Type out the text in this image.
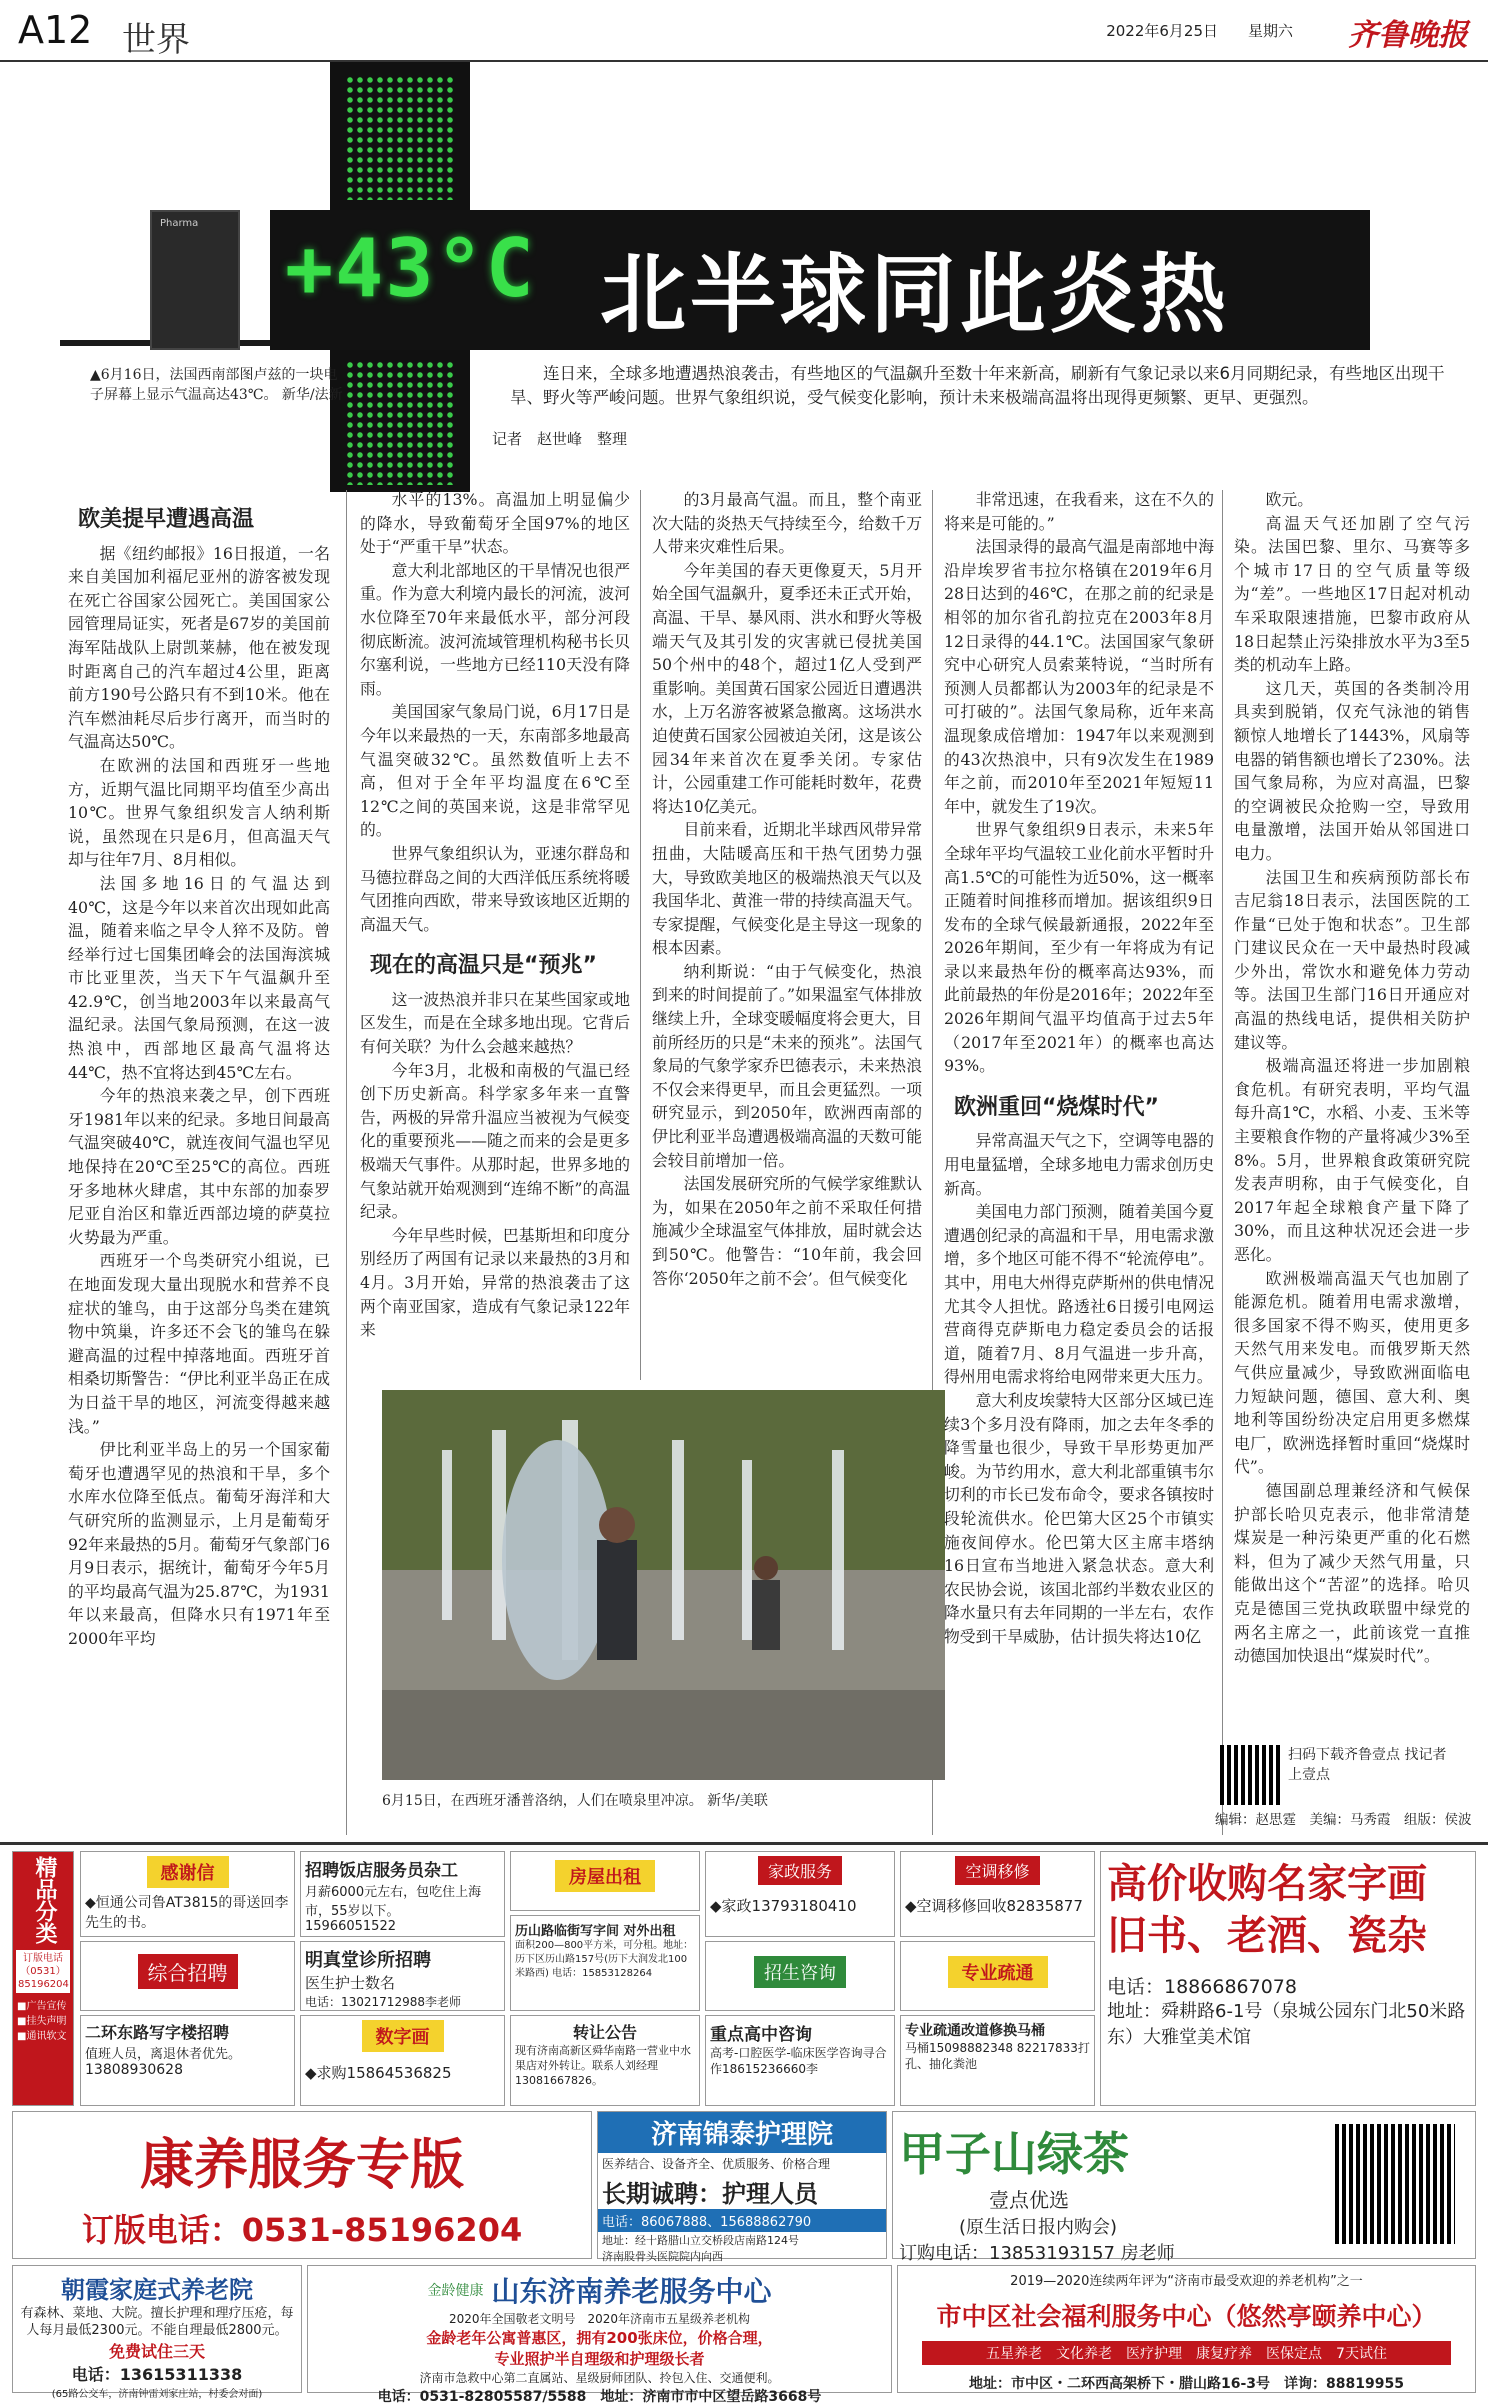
A12 世界	2022年6月25日 星期六 齐鲁晚报
Pharma +43°C 北半球同此炎热
▲6月16日，法国西南部图卢兹的一块电子屏幕上显示气温高达43℃。 新华/法新
连日来，全球多地遭遇热浪袭击，有些地区的气温飙升至数十年来新高，刷新有气象记录以来6月同期纪录，有些地区出现干旱、野火等严峻问题。世界气象组织说，受气候变化影响，预计未来极端高温将出现得更频繁、更早、更强烈。
记者　赵世峰　整理
欧美提早遭遇高温

据《纽约邮报》16日报道，一名来自美国加利福尼亚州的游客被发现在死亡谷国家公园死亡。美国国家公园管理局证实，死者是67岁的美国前海军陆战队上尉凯莱赫，他在被发现时距离自己的汽车超过4公里，距离前方190号公路只有不到10米。他在汽车燃油耗尽后步行离开，而当时的气温高达50℃。

在欧洲的法国和西班牙一些地方，近期气温比同期平均值至少高出10℃。世界气象组织发言人纳利斯说，虽然现在只是6月，但高温天气却与往年7月、8月相似。

法国多地16日的气温达到40℃，这是今年以来首次出现如此高温，随着来临之早令人猝不及防。曾经举行过七国集团峰会的法国海滨城市比亚里茨，当天下午气温飙升至42.9℃，创当地2003年以来最高气温纪录。法国气象局预测，在这一波热浪中，西部地区最高气温将达44℃，热不宜将达到45℃左右。

今年的热浪来袭之早，创下西班牙1981年以来的纪录。多地日间最高气温突破40℃，就连夜间气温也罕见地保持在20℃至25℃的高位。西班牙多地林火肆虐，其中东部的加泰罗尼亚自治区和靠近西部边境的萨莫拉火势最为严重。

西班牙一个鸟类研究小组说，已在地面发现大量出现脱水和营养不良症状的雏鸟，由于这部分鸟类在建筑物中筑巢，许多还不会飞的雏鸟在躲避高温的过程中掉落地面。西班牙首相桑切斯警告：“伊比利亚半岛正在成为日益干旱的地区，河流变得越来越浅。”

伊比利亚半岛上的另一个国家葡萄牙也遭遇罕见的热浪和干旱，多个水库水位降至低点。葡萄牙海洋和大气研究所的监测显示，上月是葡萄牙92年来最热的5月。葡萄牙气象部门6月9日表示，据统计，葡萄牙今年5月的平均最高气温为25.87℃，为1931年以来最高，但降水只有1971年至2000年平均

水平的13%。高温加上明显偏少的降水，导致葡萄牙全国97%的地区处于“严重干旱”状态。

意大利北部地区的干旱情况也很严重。作为意大利境内最长的河流，波河水位降至70年来最低水平，部分河段彻底断流。波河流域管理机构秘书长贝尔塞利说，一些地方已经110天没有降雨。

美国国家气象局门说，6月17日是今年以来最热的一天，东南部多地最高气温突破32℃。虽然数值听上去不高，但对于全年平均温度在6℃至12℃之间的英国来说，这是非常罕见的。

世界气象组织认为，亚速尔群岛和马德拉群岛之间的大西洋低压系统将暖气团推向西欧，带来导致该地区近期的高温天气。

现在的高温只是“预兆”

这一波热浪并非只在某些国家或地区发生，而是在全球多地出现。它背后有何关联？为什么会越来越热？

今年3月，北极和南极的气温已经创下历史新高。科学家多年来一直警告，两极的异常升温应当被视为气候变化的重要预兆——随之而来的会是更多极端天气事件。从那时起，世界多地的气象站就开始观测到“连绵不断”的高温纪录。

今年早些时候，巴基斯坦和印度分别经历了两国有记录以来最热的3月和4月。3月开始，异常的热浪袭击了这两个南亚国家，造成有气象记录122年来

的3月最高气温。而且，整个南亚次大陆的炎热天气持续至今，给数千万人带来灾难性后果。

今年美国的春天更像夏天，5月开始全国气温飙升，夏季还未正式开始，高温、干旱、暴风雨、洪水和野火等极端天气及其引发的灾害就已侵扰美国50个州中的48个，超过1亿人受到严重影响。美国黄石国家公园近日遭遇洪水，上万名游客被紧急撤离。这场洪水迫使黄石国家公园被迫关闭，这是该公园34年来首次在夏季关闭。专家估计，公园重建工作可能耗时数年，花费将达10亿美元。

目前来看，近期北半球西风带异常扭曲，大陆暖高压和干热气团势力强大，导致欧美地区的极端热浪天气以及我国华北、黄淮一带的持续高温天气。专家提醒，气候变化是主导这一现象的根本因素。

纳利斯说：“由于气候变化，热浪到来的时间提前了。”如果温室气体排放继续上升，全球变暖幅度将会更大，目前所经历的只是“未来的预兆”。法国气象局的气象学家乔巴德表示，未来热浪不仅会来得更早，而且会更猛烈。一项研究显示，到2050年，欧洲西南部的伊比利亚半岛遭遇极端高温的天数可能会较目前增加一倍。

法国发展研究所的气候学家维默认为，如果在2050年之前不采取任何措施减少全球温室气体排放，届时就会达到50℃。他警告：“10年前，我会回答你‘2050年之前不会’。但气候变化

6月15日，在西班牙潘普洛纳，人们在喷泉里冲凉。 新华/美联

非常迅速，在我看来，这在不久的将来是可能的。”

法国录得的最高气温是南部地中海沿岸埃罗省韦拉尔格镇在2019年6月28日达到的46℃，在那之前的纪录是相邻的加尔省孔韵拉克在2003年8月12日录得的44.1℃。法国国家气象研究中心研究人员索莱特说，“当时所有预测人员都都认为2003年的纪录是不可打破的”。法国气象局称，近年来高温现象成倍增加：1947年以来观测到的43次热浪中，只有9次发生在1989年之前，而2010年至2021年短短11年中，就发生了19次。

世界气象组织9日表示，未来5年全球年平均气温较工业化前水平暂时升高1.5℃的可能性为近50%，这一概率正随着时间推移而增加。据该组织9日发布的全球气候最新通报，2022年至2026年期间，至少有一年将成为有记录以来最热年份的概率高达93%，而此前最热的年份是2016年；2022年至2026年期间气温平均值高于过去5年（2017年至2021年）的概率也高达93%。

欧洲重回“烧煤时代”

异常高温天气之下，空调等电器的用电量猛增，全球多地电力需求创历史新高。

美国电力部门预测，随着美国今夏遭遇创纪录的高温和干旱，用电需求激增，多个地区可能不得不“轮流停电”。其中，用电大州得克萨斯州的供电情况尤其令人担忧。路透社6日援引电网运营商得克萨斯电力稳定委员会的话报道，随着7月、8月气温进一步升高，得州用电需求将给电网带来更大压力。

意大利皮埃蒙特大区部分区域已连续3个多月没有降雨，加之去年冬季的降雪量也很少，导致干旱形势更加严峻。为节约用水，意大利北部重镇韦尔切利的市长已发布命令，要求各镇按时段轮流供水。伦巴第大区25个市镇实施夜间停水。伦巴第大区主席丰塔纳16日宣布当地进入紧急状态。意大利农民协会说，该国北部约半数农业区的降水量只有去年同期的一半左右，农作物受到干旱威胁，估计损失将达10亿

欧元。

高温天气还加剧了空气污染。法国巴黎、里尔、马赛等多个城市17日的空气质量等级为“差”。一些地区17日起对机动车采取限速措施，巴黎市政府从18日起禁止污染排放水平为3至5类的机动车上路。

这几天，英国的各类制冷用具卖到脱销，仅充气泳池的销售额惊人地增长了1443%，风扇等电器的销售额也增长了230%。法国气象局称，为应对高温，巴黎的空调被民众抢购一空，导致用电量激增，法国开始从邻国进口电力。

法国卫生和疾病预防部长布吉尼翁18日表示，法国医院的工作量“已处于饱和状态”。卫生部门建议民众在一天中最热时段减少外出，常饮水和避免体力劳动等。法国卫生部门16日开通应对高温的热线电话，提供相关防护建议等。

极端高温还将进一步加剧粮食危机。有研究表明，平均气温每升高1℃，水稻、小麦、玉米等主要粮食作物的产量将减少3%至8%。5月，世界粮食政策研究院发表声明称，由于气候变化，自2017年起全球粮食产量下降了30%，而且这种状况还会进一步恶化。

欧洲极端高温天气也加剧了能源危机。随着用电需求激增，很多国家不得不购买，使用更多天然气用来发电。而俄罗斯天然气供应量减少，导致欧洲面临电力短缺问题，德国、意大利、奥地利等国纷纷决定启用更多燃煤电厂，欧洲选择暂时重回“烧煤时代”。

德国副总理兼经济和气候保护部长哈贝克表示，他非常清楚煤炭是一种污染更严重的化石燃料，但为了减少天然气用量，只能做出这个“苦涩”的选择。哈贝克是德国三党执政联盟中绿党的两名主席之一，此前该党一直推动德国加快退出“煤炭时代”。

扫码下载齐鲁壹点 找记者 上壹点
编辑：赵思霆　美编：马秀霞　组版：侯波
精品分类
订版电话
（0531）85196204
■广告宣传
■挂失声明
■通讯软文
感谢信
◆恒通公司鲁AT3815的哥送回李先生的书。
招聘饭店服务员杂工
月薪6000元左右，包吃住上海市，55岁以下。
15966051522
房屋出租	家政服务
◆家政13793180410
空调移修
◆空调移修回收82835877 高价收购名家字画
旧书、老酒、瓷杂
电话：18866867078
地址：舜耕路6-1号（泉城公园东门北50米路东）大雅堂美术馆
综合招聘
明真堂诊所招聘
医生护士数名
电话：13021712988李老师
历山路临街写字间 对外出租
面积200—800平方米，可分租。地址：历下区历山路157号(历下大润发北100米路西) 电话：15853128264	招生咨询	专业疏通
二环东路写字楼招聘
值班人员，离退休者优先。
13808930628
数字画
◆求购15864536825
转让公告
现有济南高新区舜华南路一营业中水果店对外转让。联系人刘经理13081667826。
重点高中咨询
高考-口腔医学-临床医学咨询寻合作18615236660李
专业疏通改道修换马桶
马桶15098882348 82217833打孔、抽化粪池
康养服务专版
订版电话：0531-85196204
济南锦泰护理院
医养结合、设备齐全、优质服务、价格合理
长期诚聘：护理人员
电话：86067888、15688862790
地址：经十路腊山立交桥段店南路124号
济南股骨头医院院内向西
甲子山绿茶
壹点优选
(原生活日报内购会)
订购电话：13853193157 房老师
朝霞家庭式养老院
有森林、菜地、大院。擅长护理和理疗压疮，每人每月最低2300元。不能自理最低2800元。
免费试住三天
电话：13615311338
(65路公交车，济南钟雷刘家庄站，村委会对面)
金龄健康 山东济南养老服务中心
2020年全国敬老文明号　2020年济南市五星级养老机构
金龄老年公寓普惠区，拥有200张床位，价格合理，
专业照护半自理级和护理级长者
济南市急救中心第二直属站、星级厨师团队、拎包入住、交通便利。
电话：0531-82805587/5588　地址：济南市市中区望岳路3668号
2019—2020连续两年评为“济南市最受欢迎的养老机构”之一
市中区社会福利服务中心（悠然亭颐养中心）
五星养老　文化养老　医疗护理　康复疗养　医保定点　7天试住
地址：市中区・二环西高架桥下・腊山路16-3号　详询：88819955
